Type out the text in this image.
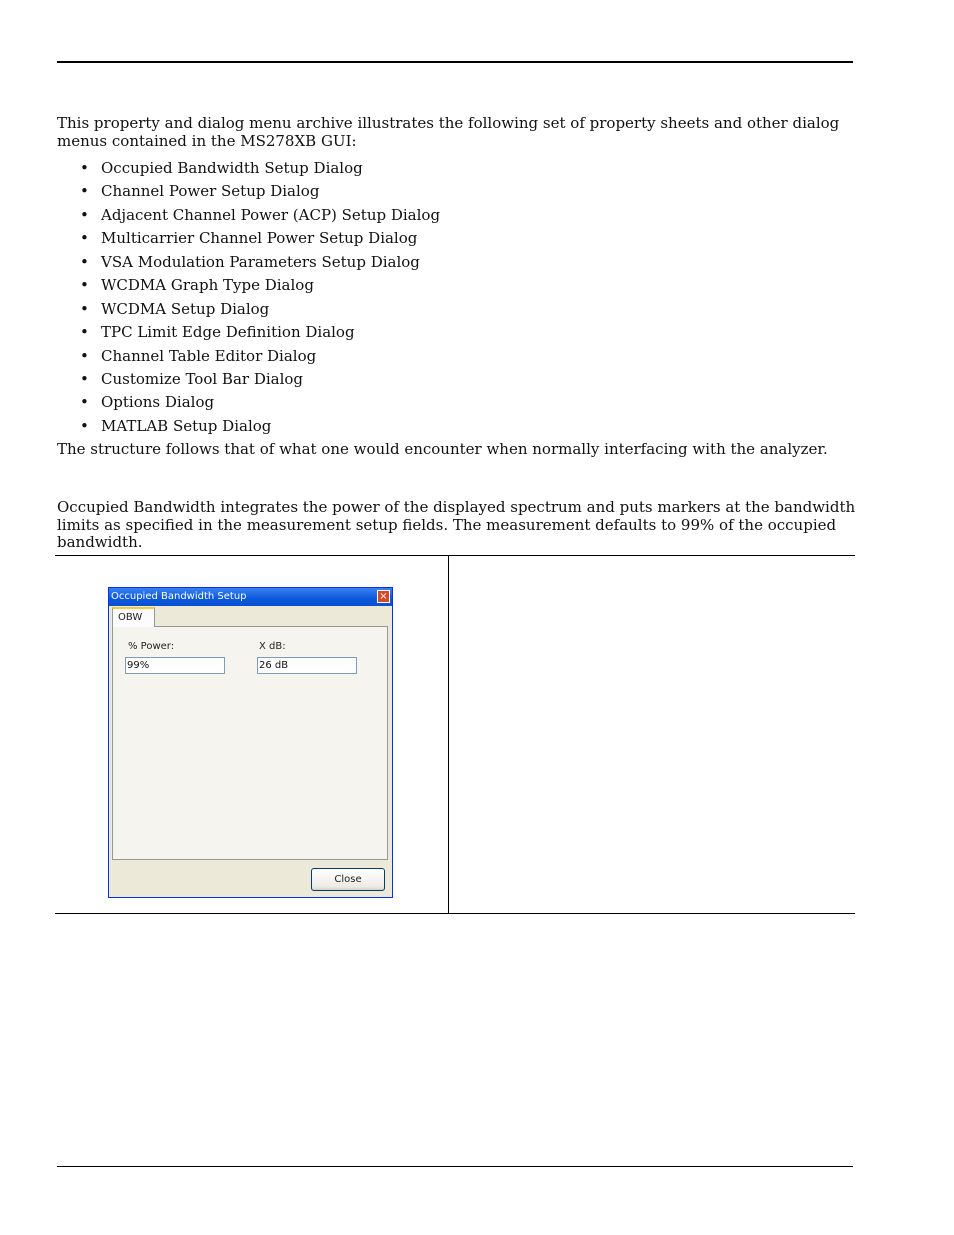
This property and dialog menu archive illustrates the following set of property sheets and other dialog menus contained in the MS278XB GUI:

• Occupied Bandwidth Setup Dialog
• Channel Power Setup Dialog
• Adjacent Channel Power (ACP) Setup Dialog
• Multicarrier Channel Power Setup Dialog
• VSA Modulation Parameters Setup Dialog
• WCDMA Graph Type Dialog
• WCDMA Setup Dialog
• TPC Limit Edge Definition Dialog
• Channel Table Editor Dialog
• Customize Tool Bar Dialog
• Options Dialog
• MATLAB Setup Dialog

The structure follows that of what one would encounter when normally interfacing with the analyzer.

Occupied Bandwidth integrates the power of the displayed spectrum and puts markers at the bandwidth limits as specified in the measurement setup fields. The measurement defaults to 99% of the occupied bandwidth.

Occupied Bandwidth Setup	×
OBW
% Power:	X dB:
99%	26 dB
Close
